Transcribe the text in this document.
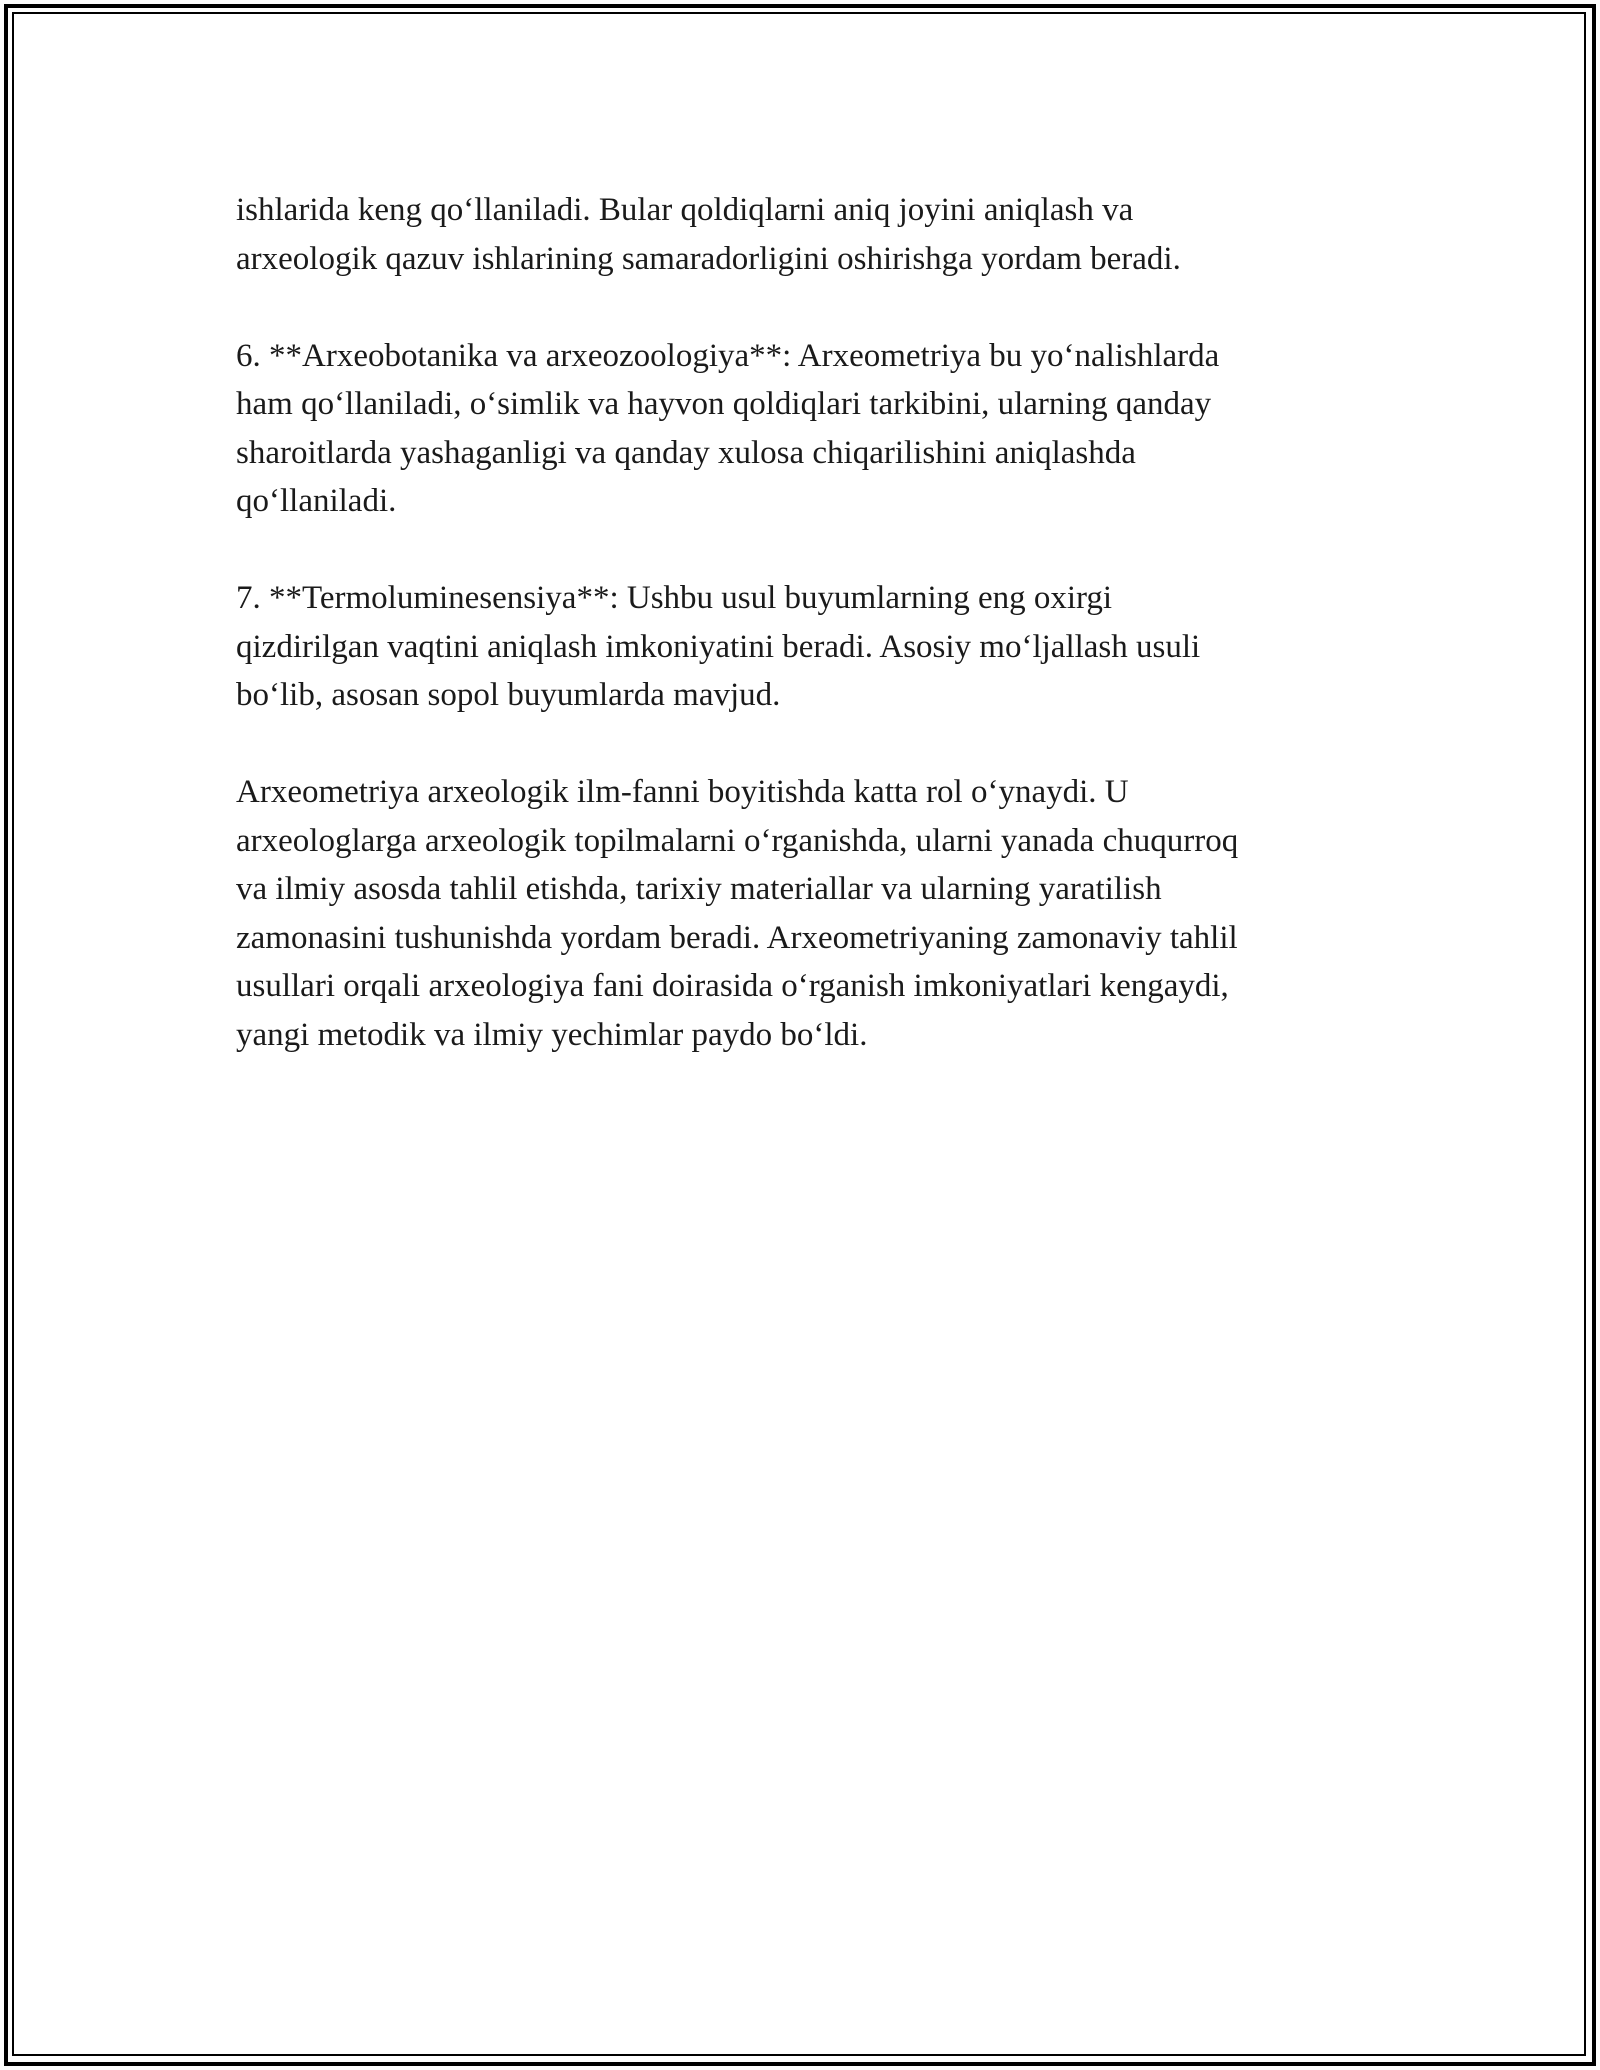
ishlarida keng qo‘llaniladi. Bular qoldiqlarni aniq joyini aniqlash va
arxeologik qazuv ishlarining samaradorligini oshirishga yordam beradi.

6. **Arxeobotanika va arxeozoologiya**: Arxeometriya bu yo‘nalishlarda
ham qo‘llaniladi, o‘simlik va hayvon qoldiqlari tarkibini, ularning qanday
sharoitlarda yashaganligi va qanday xulosa chiqarilishini aniqlashda
qo‘llaniladi.

7. **Termoluminesensiya**: Ushbu usul buyumlarning eng oxirgi
qizdirilgan vaqtini aniqlash imkoniyatini beradi. Asosiy mo‘ljallash usuli
bo‘lib, asosan sopol buyumlarda mavjud.

Arxeometriya arxeologik ilm-fanni boyitishda katta rol o‘ynaydi. U
arxeologlarga arxeologik topilmalarni o‘rganishda, ularni yanada chuqurroq
va ilmiy asosda tahlil etishda, tarixiy materiallar va ularning yaratilish
zamonasini tushunishda yordam beradi. Arxeometriyaning zamonaviy tahlil
usullari orqali arxeologiya fani doirasida o‘rganish imkoniyatlari kengaydi,
yangi metodik va ilmiy yechimlar paydo bo‘ldi.
